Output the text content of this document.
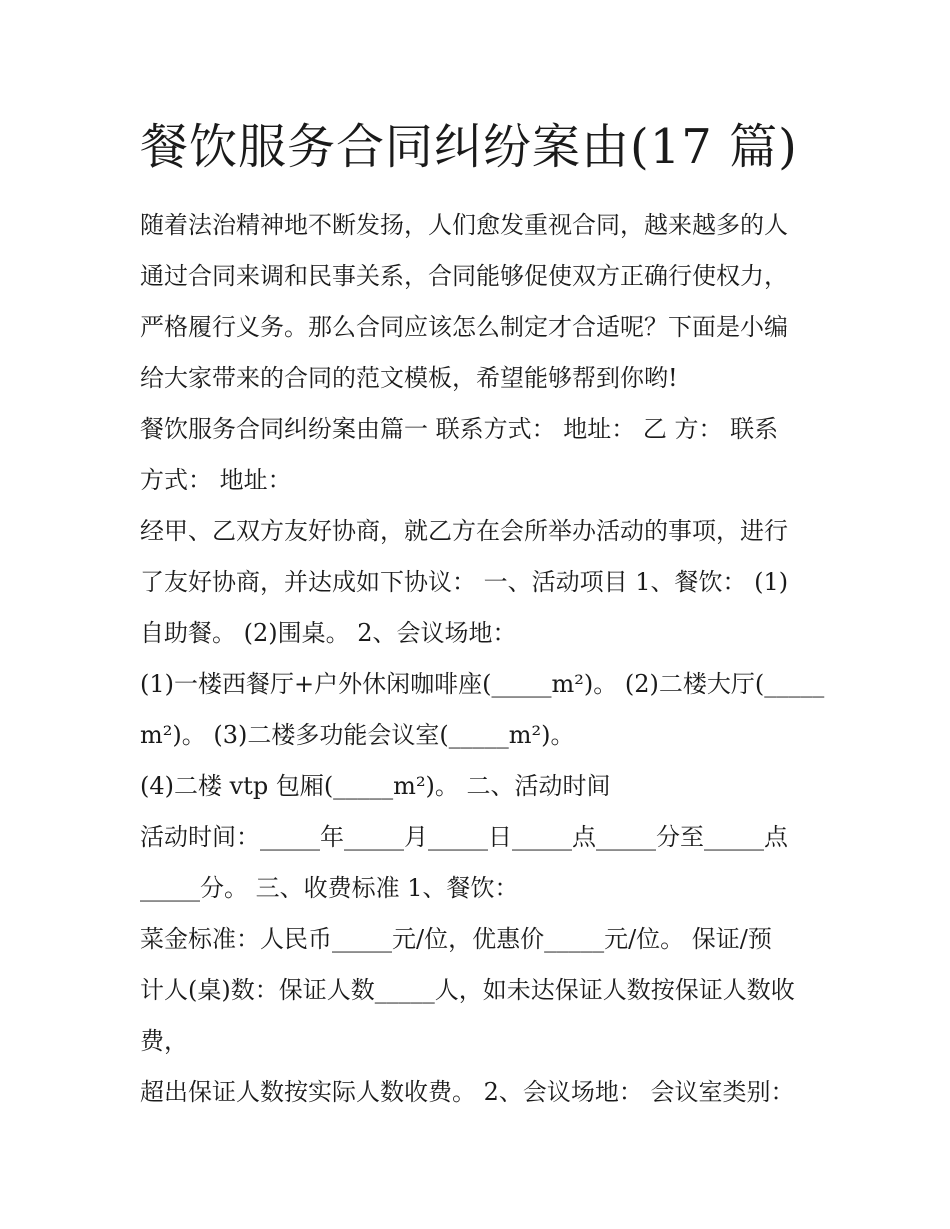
餐饮服务合同纠纷案由(17 篇)
随着法治精神地不断发扬，人们愈发重视合同，越来越多的人
通过合同来调和民事关系，合同能够促使双方正确行使权力，
严格履行义务。那么合同应该怎么制定才合适呢？下面是小编
给大家带来的合同的范文模板，希望能够帮到你哟!
餐饮服务合同纠纷案由篇一 联系方式： 地址： 乙 方： 联系
方式： 地址：
经甲、乙双方友好协商，就乙方在会所举办活动的事项，进行
了友好协商，并达成如下协议： 一、活动项目 1、餐饮： (1)
自助餐。 (2)围桌。 2、会议场地：
(1)一楼西餐厅+户外休闲咖啡座(_____m²)。 (2)二楼大厅(_____
m²)。 (3)二楼多功能会议室(_____m²)。
(4)二楼 vtp 包厢(_____m²)。 二、活动时间
活动时间：_____年_____月_____日_____点_____分至_____点
_____分。 三、收费标准 1、餐饮：
菜金标准：人民币_____元/位，优惠价_____元/位。 保证/预
计人(桌)数：保证人数_____人，如未达保证人数按保证人数收
费，
超出保证人数按实际人数收费。 2、会议场地： 会议室类别：
